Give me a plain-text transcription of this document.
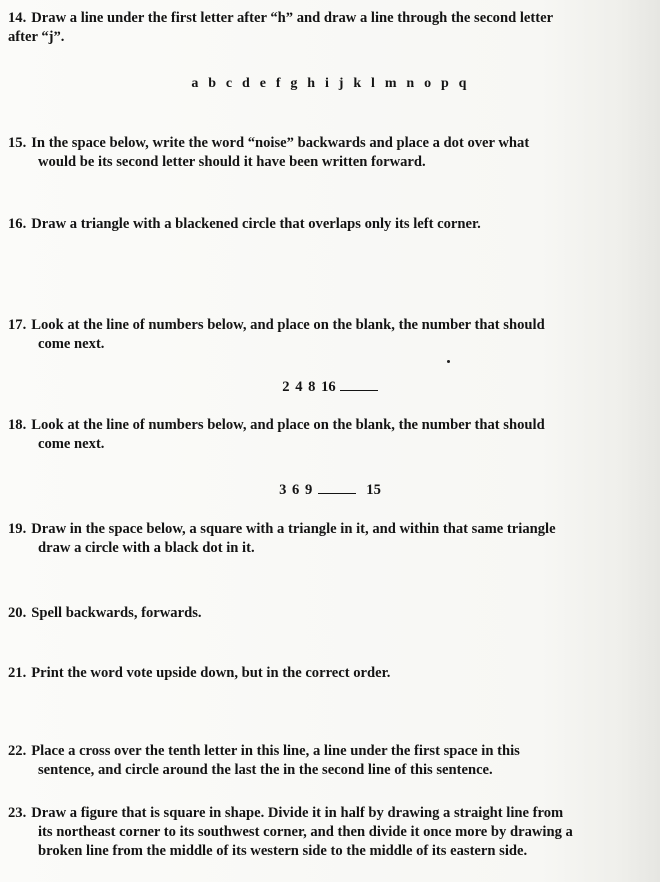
14. Draw a line under the first letter after “h” and draw a line through the second letter
after “j”.
a b c d e f g h i j k l m n o p q
15. In the space below, write the word “noise” backwards and place a dot over what
would be its second letter should it have been written forward.
16. Draw a triangle with a blackened circle that overlaps only its left corner.
17. Look at the line of numbers below, and place on the blank, the number that should
come next.
2 4 8 16
18. Look at the line of numbers below, and place on the blank, the number that should
come next.
3 6 9	15
19. Draw in the space below, a square with a triangle in it, and within that same triangle
draw a circle with a black dot in it.
20. Spell backwards, forwards.
21. Print the word vote upside down, but in the correct order.
22. Place a cross over the tenth letter in this line, a line under the first space in this
sentence, and circle around the last the in the second line of this sentence.
23. Draw a figure that is square in shape. Divide it in half by drawing a straight line from
its northeast corner to its southwest corner, and then divide it once more by drawing a
broken line from the middle of its western side to the middle of its eastern side.
